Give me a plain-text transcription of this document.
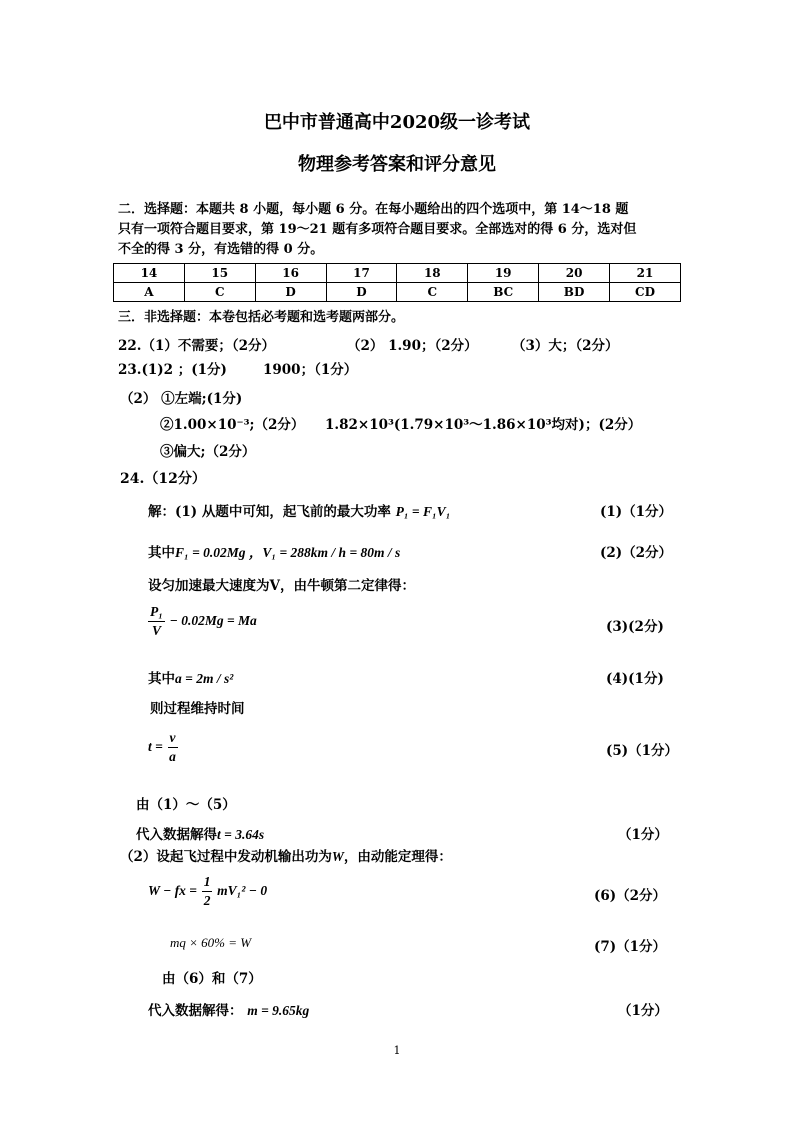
巴中市普通高中2020级一诊考试
物理参考答案和评分意见
二．选择题：本题共 8 小题，每小题 6 分。在每小题给出的四个选项中，第 14～18 题
只有一项符合题目要求，第 19～21 题有多项符合题目要求。全部选对的得 6 分，选对但
不全的得 3 分，有选错的得 0 分。
14	15	16	17	18	19	20	21
A	C	D	D	C	BC	BD	CD
三．非选择题：本卷包括必考题和选考题两部分。
22.（1）不需要；（2分）	（2） 1.90；（2分）	（3）大；（2分）
23.(1)2 ；(1分)	1900；（1分）
（2） ①左端;(1分)
②1.00×10⁻³;（2分） 1.82×10³(1.79×10³～1.86×10³均对)；(2分）
③偏大;（2分）
24.（12分）
解：(1) 从题中可知，起飞前的最大功率 P₁ = F₁V₁	(1)（1分）
其中F₁ = 0.02Mg ，V₁ = 288km / h = 80m / s	(2)（2分）
设匀加速最大速度为V，由牛顿第二定律得：
$\frac{\text{P₁}}{V} - 0.02Mg = Ma$	(3)(2分)
其中a = 2m / s²	(4)(1分)
则过程维持时间
$t = \frac{v}{a}$	(5)（1分）
由（1）～（5）
代入数据解得t = 3.64s	（1分）
（2）设起飞过程中发动机输出功为W，由动能定理得：
W − fx = $\frac{1}{2} mV_1^2 - 0$	(6)（2分）
mq × 60% = W	(7)（1分）
由（6）和（7）
代入数据解得： m = 9.65kg	（1分）
1
